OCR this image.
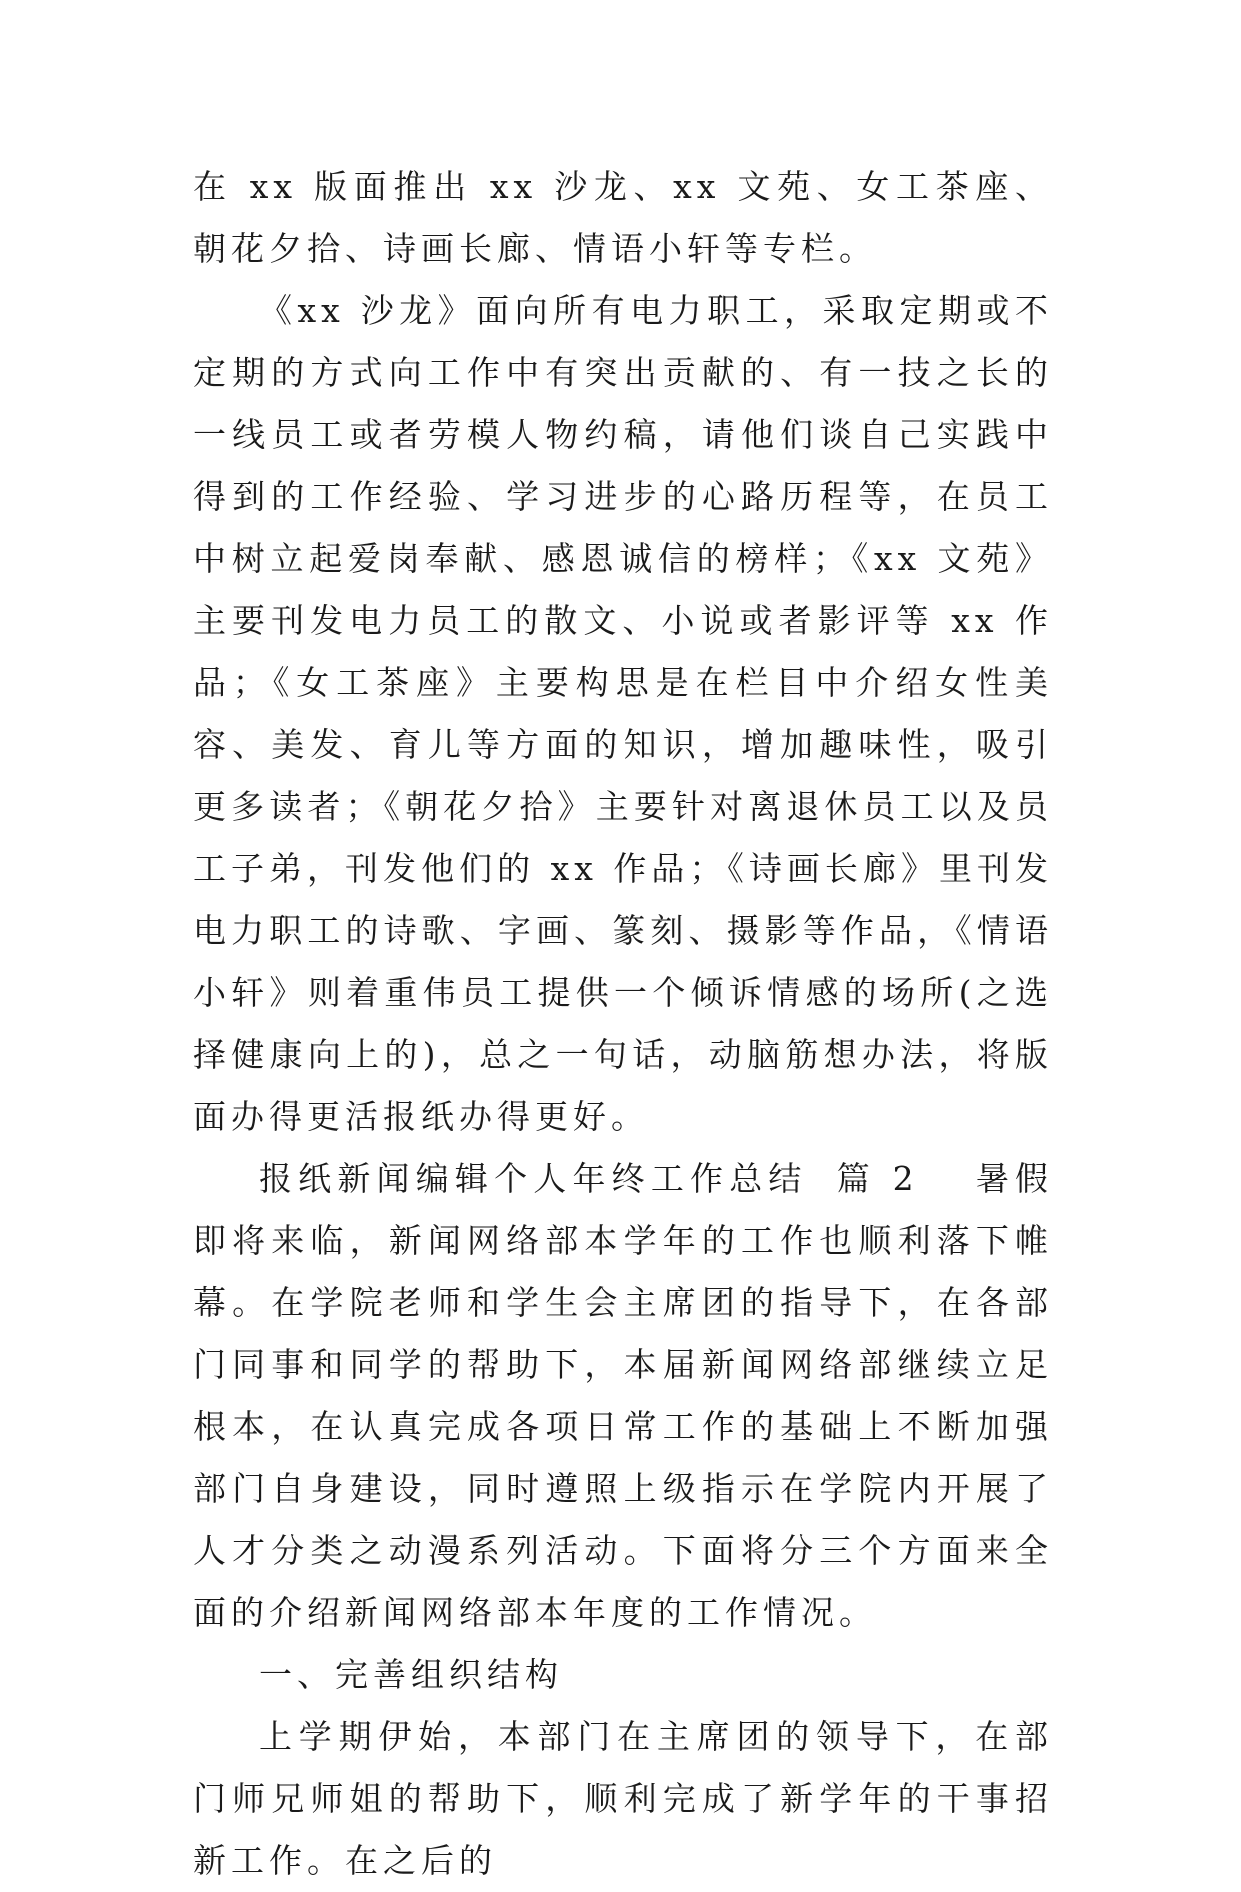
在 xx 版面推出 xx 沙龙、xx 文苑、女工茶座、朝花夕拾、诗画长廊、情语小轩等专栏。

《xx 沙龙》面向所有电力职工，采取定期或不定期的方式向工作中有突出贡献的、有一技之长的一线员工或者劳模人物约稿，请他们谈自己实践中得到的工作经验、学习进步的心路历程等，在员工中树立起爱岗奉献、感恩诚信的榜样；《xx 文苑》主要刊发电力员工的散文、小说或者影评等 xx 作品；《女工茶座》主要构思是在栏目中介绍女性美容、美发、育儿等方面的知识，增加趣味性，吸引更多读者；《朝花夕拾》主要针对离退休员工以及员工子弟，刊发他们的 xx 作品；《诗画长廊》里刊发电力职工的诗歌、字画、篆刻、摄影等作品，《情语小轩》则着重伟员工提供一个倾诉情感的场所(之选择健康向上的)，总之一句话，动脑筋想办法，将版面办得更活报纸办得更好。

报纸新闻编辑个人年终工作总结 篇 2 暑假即将来临，新闻网络部本学年的工作也顺利落下帷幕。在学院老师和学生会主席团的指导下，在各部门同事和同学的帮助下，本届新闻网络部继续立足根本，在认真完成各项日常工作的基础上不断加强部门自身建设，同时遵照上级指示在学院内开展了人才分类之动漫系列活动。下面将分三个方面来全面的介绍新闻网络部本年度的工作情况。

一、完善组织结构

上学期伊始，本部门在主席团的领导下，在部门师兄师姐的帮助下，顺利完成了新学年的干事招新工作。在之后的
